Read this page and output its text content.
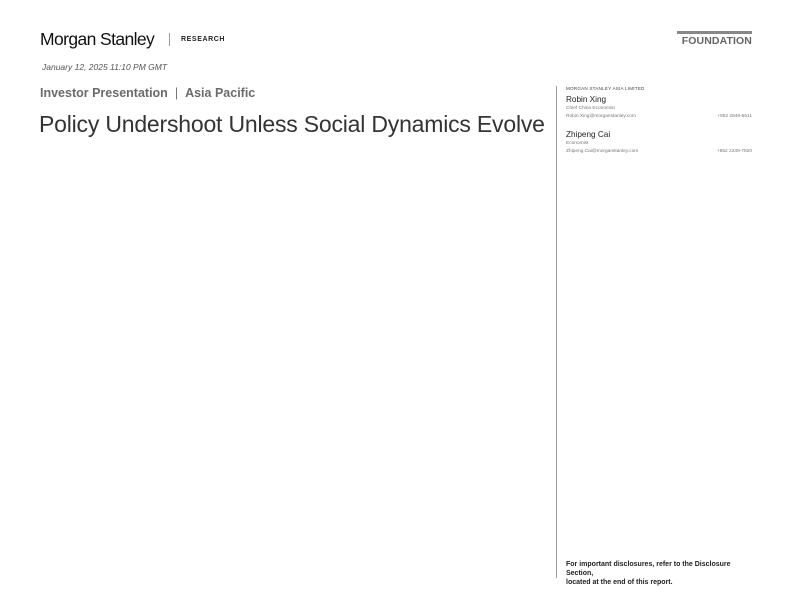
Morgan Stanley	RESEARCH	FOUNDATION
January 12, 2025 11:10 PM GMT
Investor Presentation | Asia Pacific
Policy Undershoot Unless Social Dynamics Evolve
MORGAN STANLEY ASIA LIMITED
Robin Xing
Chief China Economist
Robin.Xing@morganstanley.com	+852 2848-6511
Zhipeng Cai
Economist
Zhipeng.Cai@morganstanley.com	+852 2239-7820
For important disclosures, refer to the Disclosure Section,
located at the end of this report.
